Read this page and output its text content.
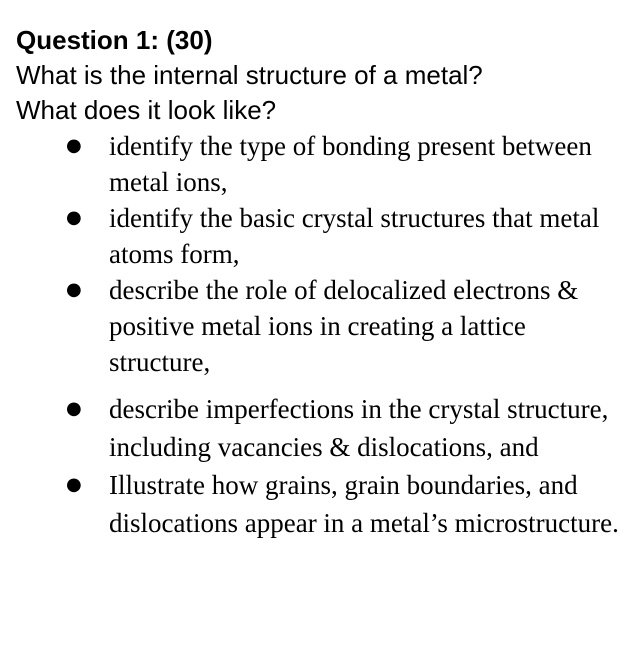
Question 1: (30)

What is the internal structure of a metal?

What does it look like?

● identify the type of bonding present between metal ions,
● identify the basic crystal structures that metal atoms form,
● describe the role of delocalized electrons & positive metal ions in creating a lattice structure,
● describe imperfections in the crystal structure, including vacancies & dislocations, and
● Illustrate how grains, grain boundaries, and dislocations appear in a metal’s microstructure.
